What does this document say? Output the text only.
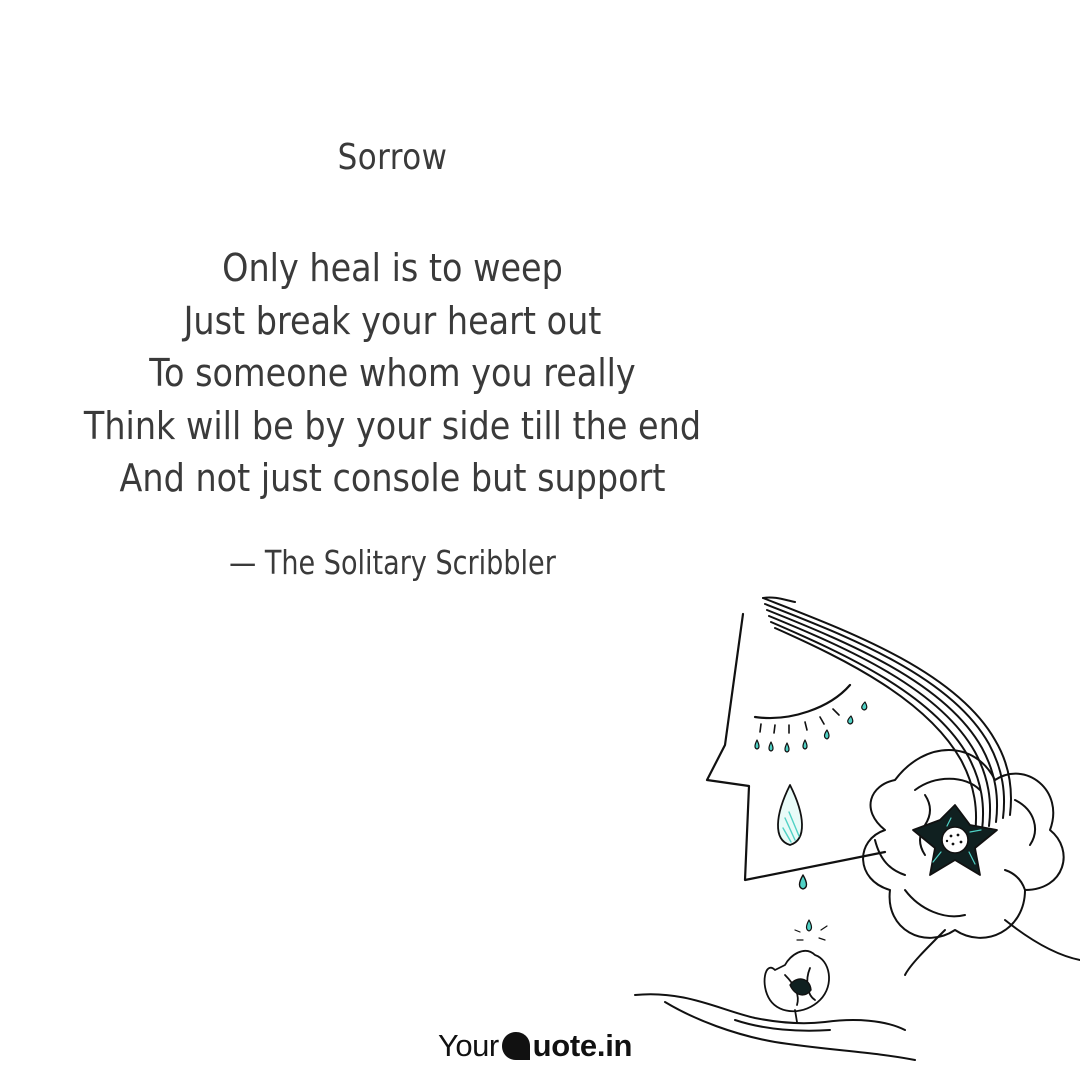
Sorrow
Only heal is to weep
Just break your heart out
To someone whom you really
Think will be by your side till the end
And not just console but support
— The Solitary Scribbler
Your uote.in
